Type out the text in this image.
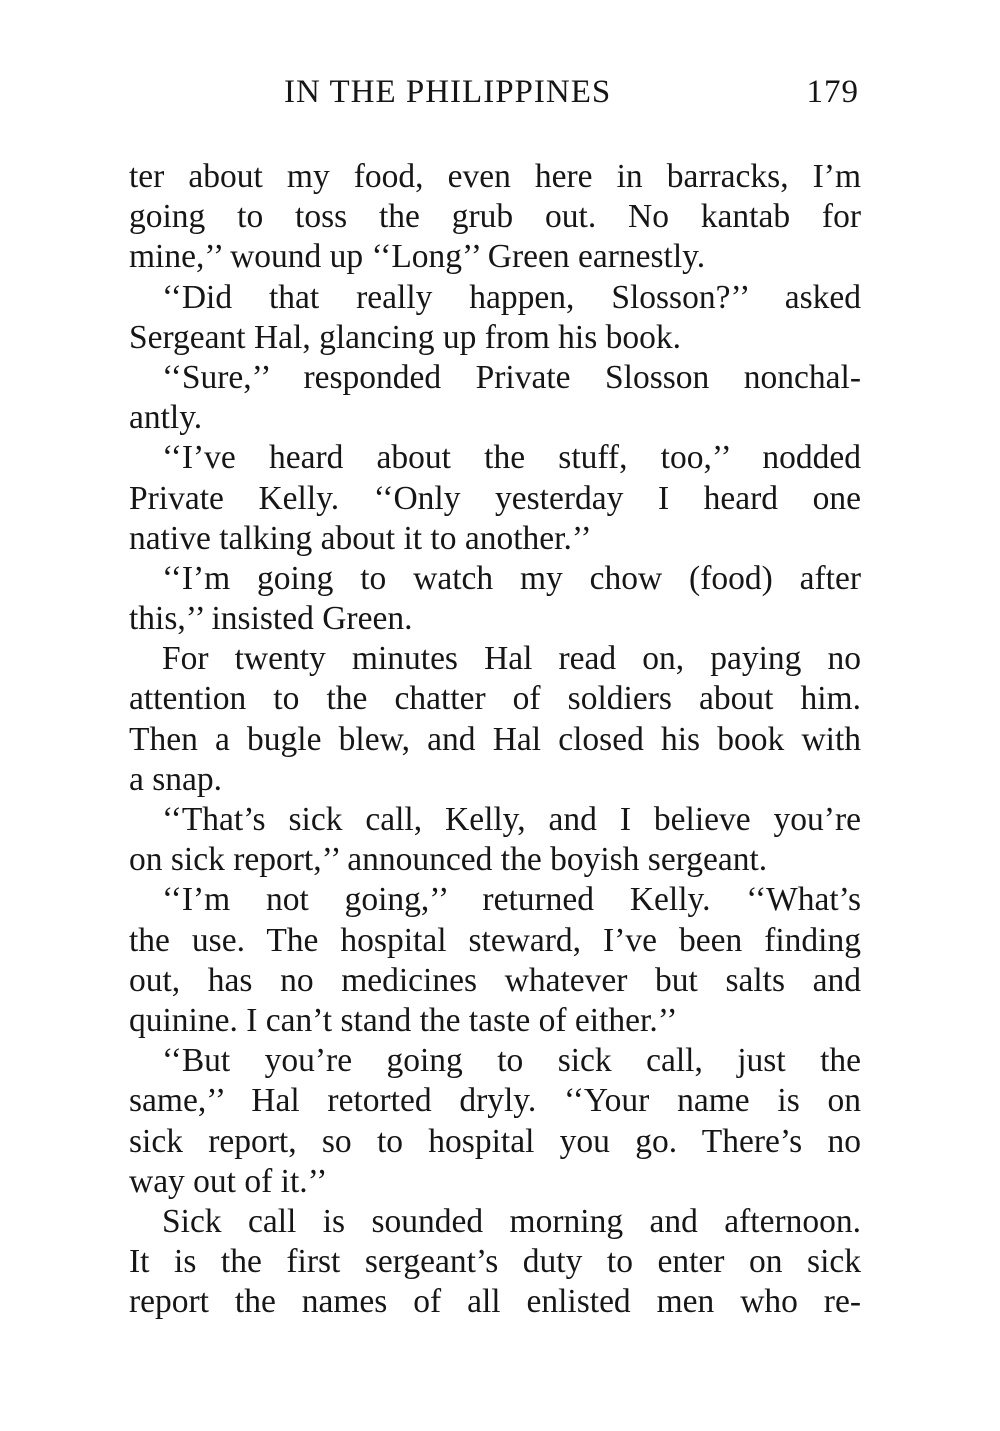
IN THE PHILIPPINES	179
ter about my food, even here in barracks, I’m
going to toss the grub out. No kantab for
mine,’’ wound up ‘‘Long’’ Green earnestly.
‘‘Did that really happen, Slosson?’’ asked
Sergeant Hal, glancing up from his book.
‘‘Sure,’’ responded Private Slosson nonchal-
antly.
‘‘I’ve heard about the stuff, too,’’ nodded
Private Kelly. ‘‘Only yesterday I heard one
native talking about it to another.’’
‘‘I’m going to watch my chow (food) after
this,’’ insisted Green.
For twenty minutes Hal read on, paying no
attention to the chatter of soldiers about him.
Then a bugle blew, and Hal closed his book with
a snap.
‘‘That’s sick call, Kelly, and I believe you’re
on sick report,’’ announced the boyish sergeant.
‘‘I’m not going,’’ returned Kelly. ‘‘What’s
the use. The hospital steward, I’ve been finding
out, has no medicines whatever but salts and
quinine. I can’t stand the taste of either.’’
‘‘But you’re going to sick call, just the
same,’’ Hal retorted dryly. ‘‘Your name is on
sick report, so to hospital you go. There’s no
way out of it.’’
Sick call is sounded morning and afternoon.
It is the first sergeant’s duty to enter on sick
report the names of all enlisted men who re-
